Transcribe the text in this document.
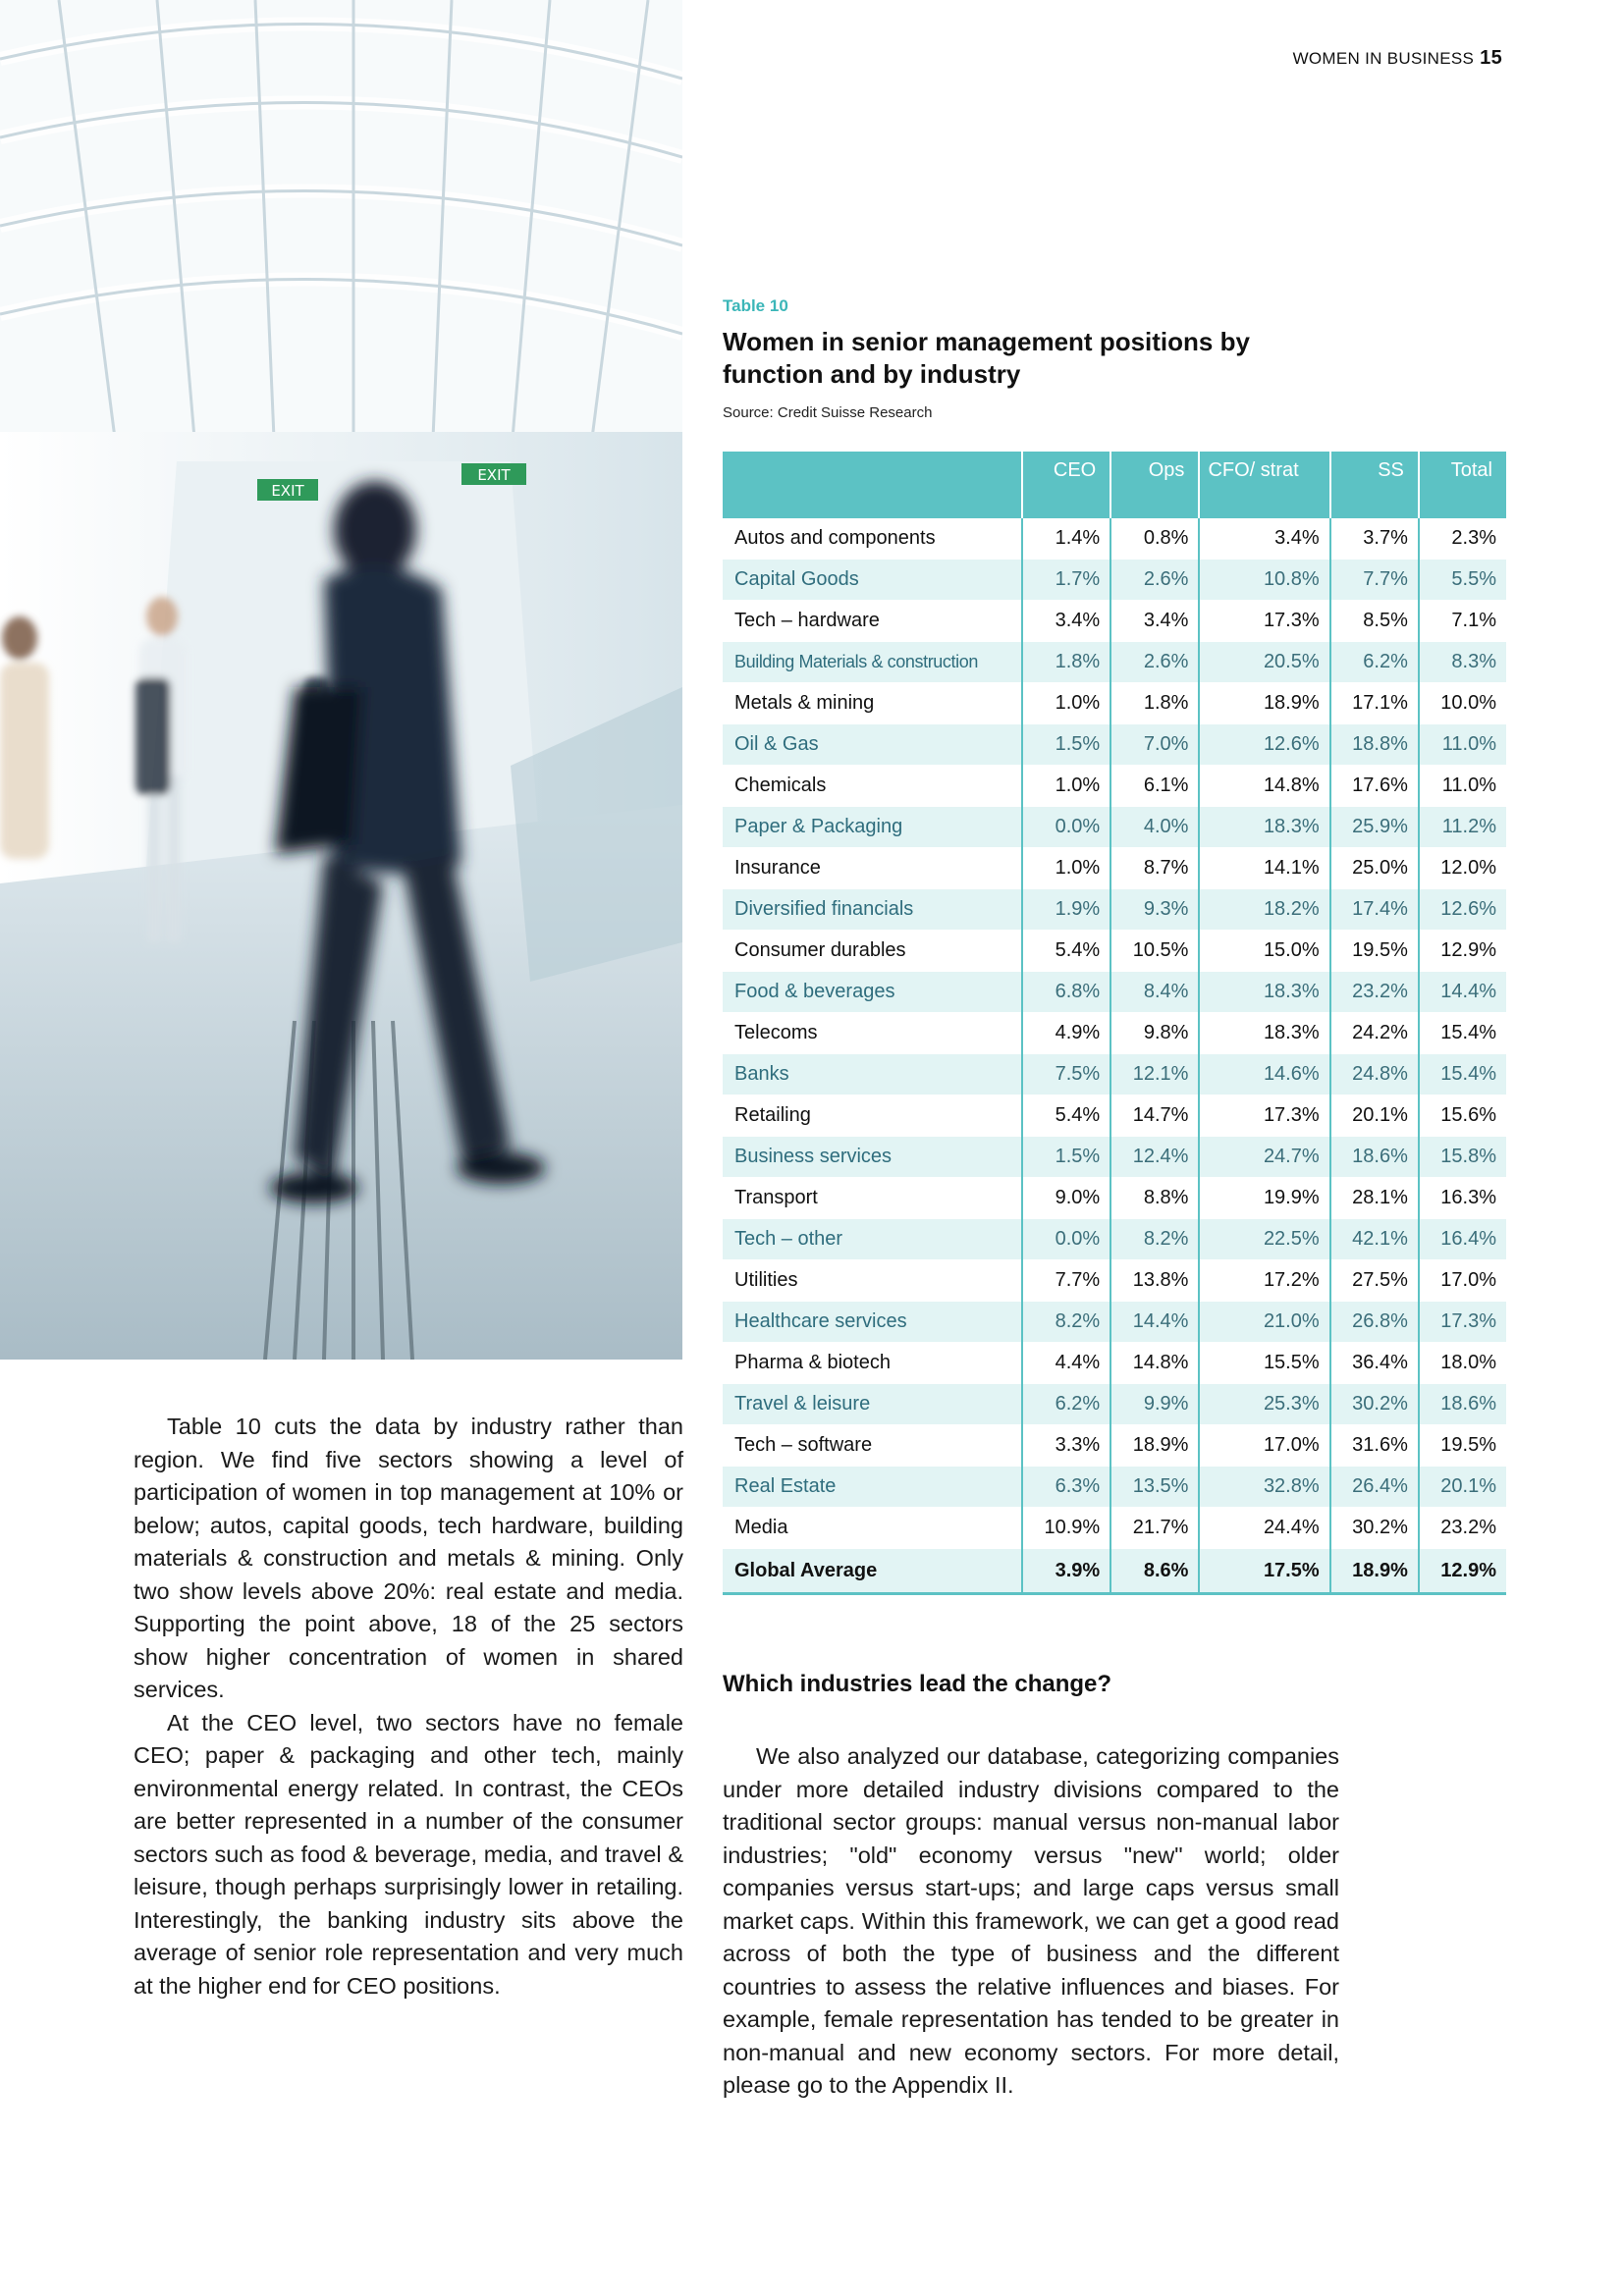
WOMEN IN BUSINESS 15
EXIT
EXIT
Table 10
Women in senior management positions by function and by industry
Source: Credit Suisse Research
	CEO	Ops	CFO/ strat	SS	Total
Autos and components	1.4%	0.8%	3.4%	3.7%	2.3%
Capital Goods	1.7%	2.6%	10.8%	7.7%	5.5%
Tech – hardware	3.4%	3.4%	17.3%	8.5%	7.1%
Building Materials & construction	1.8%	2.6%	20.5%	6.2%	8.3%
Metals & mining	1.0%	1.8%	18.9%	17.1%	10.0%
Oil & Gas	1.5%	7.0%	12.6%	18.8%	11.0%
Chemicals	1.0%	6.1%	14.8%	17.6%	11.0%
Paper & Packaging	0.0%	4.0%	18.3%	25.9%	11.2%
Insurance	1.0%	8.7%	14.1%	25.0%	12.0%
Diversified financials	1.9%	9.3%	18.2%	17.4%	12.6%
Consumer durables	5.4%	10.5%	15.0%	19.5%	12.9%
Food & beverages	6.8%	8.4%	18.3%	23.2%	14.4%
Telecoms	4.9%	9.8%	18.3%	24.2%	15.4%
Banks	7.5%	12.1%	14.6%	24.8%	15.4%
Retailing	5.4%	14.7%	17.3%	20.1%	15.6%
Business services	1.5%	12.4%	24.7%	18.6%	15.8%
Transport	9.0%	8.8%	19.9%	28.1%	16.3%
Tech – other	0.0%	8.2%	22.5%	42.1%	16.4%
Utilities	7.7%	13.8%	17.2%	27.5%	17.0%
Healthcare services	8.2%	14.4%	21.0%	26.8%	17.3%
Pharma & biotech	4.4%	14.8%	15.5%	36.4%	18.0%
Travel & leisure	6.2%	9.9%	25.3%	30.2%	18.6%
Tech – software	3.3%	18.9%	17.0%	31.6%	19.5%
Real Estate	6.3%	13.5%	32.8%	26.4%	20.1%
Media	10.9%	21.7%	24.4%	30.2%	23.2%
Global Average	3.9%	8.6%	17.5%	18.9%	12.9%

Table 10 cuts the data by industry rather than region. We find five sectors showing a level of participation of women in top management at 10% or below; autos, capital goods, tech hardware, building materials & construction and metals & mining. Only two show levels above 20%: real estate and media. Supporting the point above, 18 of the 25 sectors show higher concentration of women in shared services.

At the CEO level, two sectors have no female CEO; paper & packaging and other tech, mainly environmental energy related. In contrast, the CEOs are better represented in a number of the consumer sectors such as food & beverage, media, and travel & leisure, though perhaps surprisingly lower in retailing. Interestingly, the banking industry sits above the average of senior role representation and very much at the higher end for CEO positions.

Which industries lead the change?

We also analyzed our database, categorizing companies under more detailed industry divisions compared to the traditional sector groups: manual versus non-manual labor industries; "old" economy versus "new" world; older companies versus start-ups; and large caps versus small market caps. Within this framework, we can get a good read across of both the type of business and the different countries to assess the relative influences and biases. For example, female representation has tended to be greater in non-manual and new economy sectors. For more detail, please go to the Appendix II.
